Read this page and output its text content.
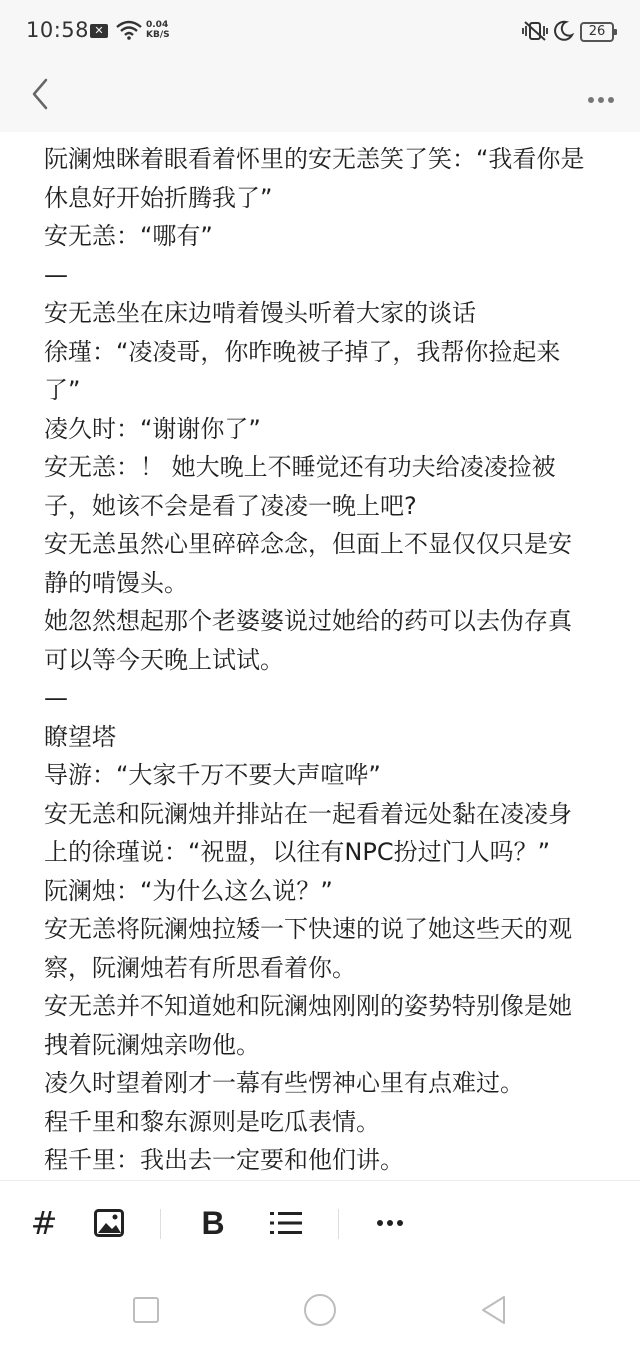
10:58 ✕	0.04
KB/S	26
阮澜烛眯着眼看着怀里的安无恙笑了笑：“我看你是
休息好开始折腾我了”
安无恙：“哪有”
—
安无恙坐在床边啃着馒头听着大家的谈话
徐瑾：“凌凌哥，你昨晚被子掉了，我帮你捡起来
了”
凌久时：“谢谢你了”
安无恙：！ 她大晚上不睡觉还有功夫给凌凌捡被
子，她该不会是看了凌凌一晚上吧?
安无恙虽然心里碎碎念念，但面上不显仅仅只是安
静的啃馒头。
她忽然想起那个老婆婆说过她给的药可以去伪存真
可以等今天晚上试试。
—
瞭望塔
导游：“大家千万不要大声喧哗”
安无恙和阮澜烛并排站在一起看着远处黏在凌凌身
上的徐瑾说：“祝盟，以往有NPC扮过门人吗？”
阮澜烛：“为什么这么说？”
安无恙将阮澜烛拉矮一下快速的说了她这些天的观
察，阮澜烛若有所思看着你。
安无恙并不知道她和阮澜烛刚刚的姿势特别像是她
拽着阮澜烛亲吻他。
凌久时望着刚才一幕有些愣神心里有点难过。
程千里和黎东源则是吃瓜表情。
程千里：我出去一定要和他们讲。
#	B
